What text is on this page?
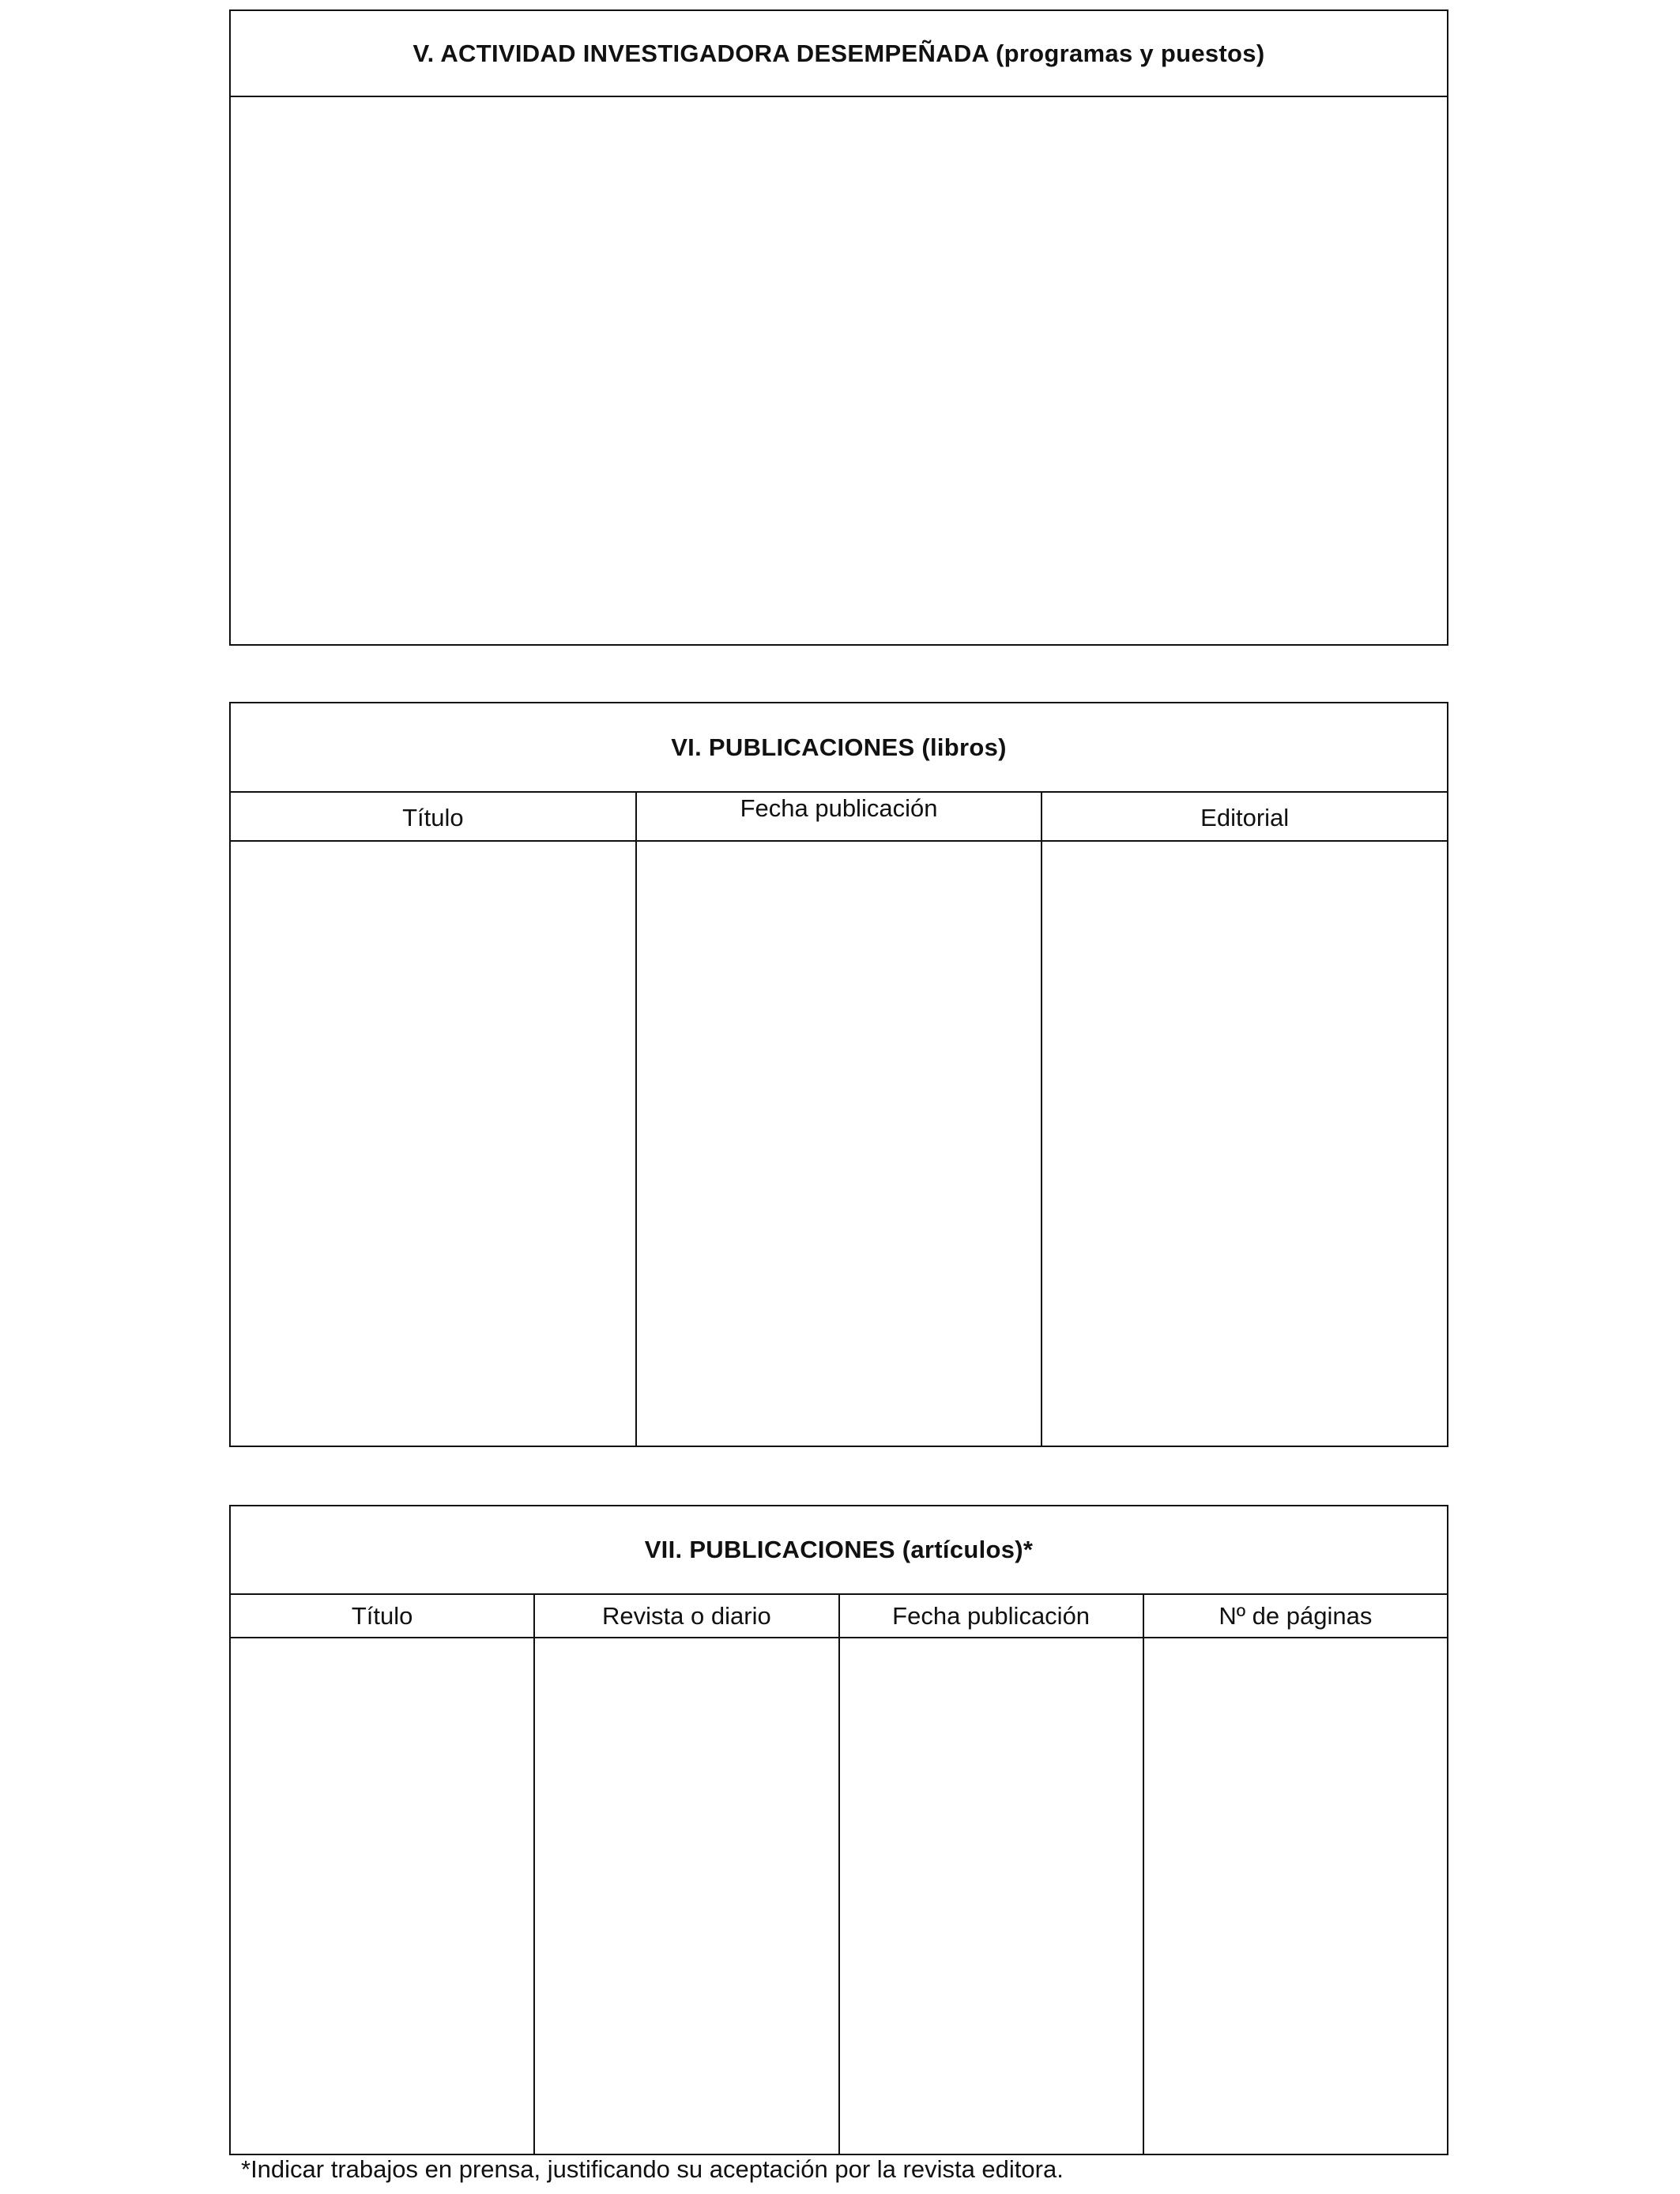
V. ACTIVIDAD INVESTIGADORA DESEMPEÑADA (programas y puestos)
VI. PUBLICACIONES (libros)
Título	Fecha publicación	Editorial
VII. PUBLICACIONES (artículos)*
Título	Revista o diario	Fecha publicación	Nº de páginas
*Indicar trabajos en prensa, justificando su aceptación por la revista editora.
